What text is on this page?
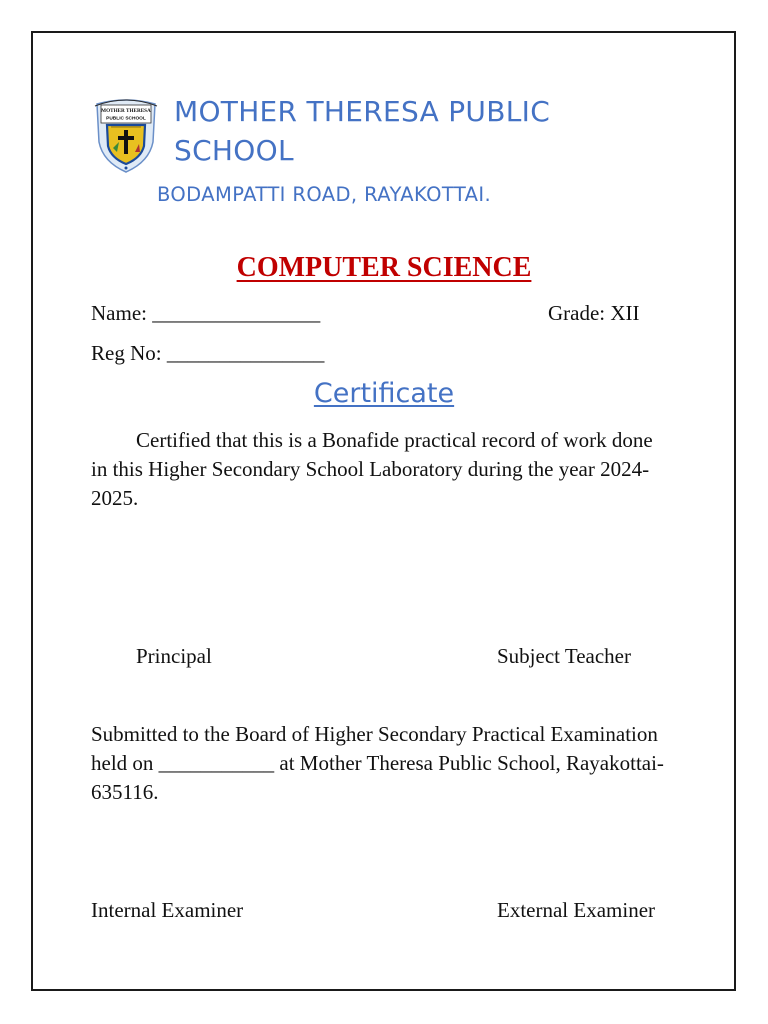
MOTHER THERESA
PUBLIC SCHOOL MOTHER THERESA PUBLIC SCHOOL
BODAMPATTI ROAD, RAYAKOTTAI.
COMPUTER SCIENCE
Name: ________________	Grade: XII
Reg No: _______________
Certificate
Certified that this is a Bonafide practical record of work done in this Higher Secondary School Laboratory during the year 2024-2025.
Principal	Subject Teacher
Submitted to the Board of Higher Secondary Practical Examination held on ___________ at Mother Theresa Public School, Rayakottai- 635116.
Internal Examiner	External Examiner
